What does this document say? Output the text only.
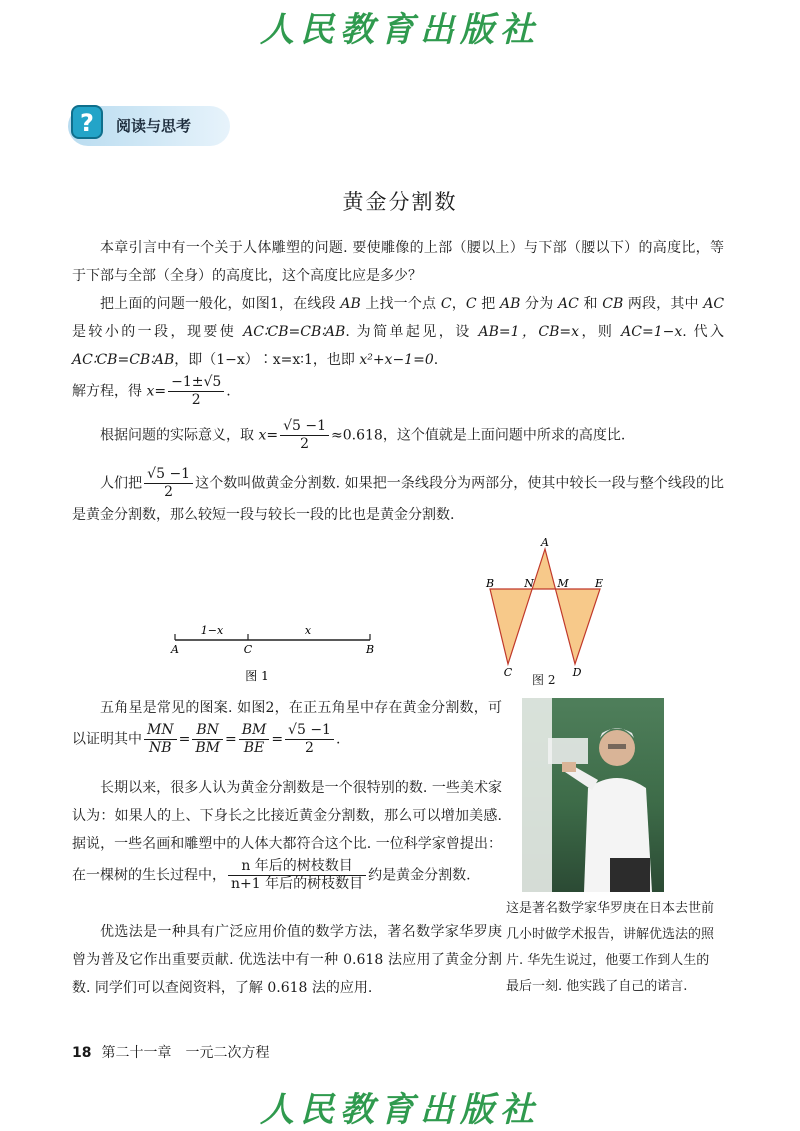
人民教育出版社
? 阅读与思考
黄金分割数

本章引言中有一个关于人体雕塑的问题. 要使雕像的上部（腰以上）与下部（腰以下）的高度比，等于下部与全部（全身）的高度比，这个高度比应是多少？

把上面的问题一般化，如图1，在线段 AB 上找一个点 C，C 把 AB 分为 AC 和 CB 两段，其中 AC 是较小的一段，现要使 AC∶CB=CB∶AB. 为简单起见，设 AB=1，CB=x，则 AC=1−x. 代入 AC∶CB=CB∶AB，即（1−x）∶x=x∶1，也即 x²+x−1=0.

解方程，得 $x= \frac{-1\pm√5}{2}$ .

根据问题的实际意义，取 $x= \frac{√5 -1}{2} \approx 0.618$，这个值就是上面问题中所求的高度比.

人们把 $\frac{√5 -1}{2}$ 这个数叫做黄金分割数. 如果把一条线段分为两部分，使其中较长一段与整个线段的比是黄金分割数，那么较短一段与较长一段的比也是黄金分割数.

1−x	x
A	C	B
图 1
A
B	N M E
C	D
图 2

五角星是常见的图案. 如图2，在正五角星中存在黄金分割数，可以证明其中 $\frac{MN}{NB} = \frac{BN}{BM} = \frac{BM}{BE} = \frac{√5 -1}{2}$ .

长期以来，很多人认为黄金分割数是一个很特别的数. 一些美术家认为：如果人的上、下身长之比接近黄金分割数，那么可以增加美感. 据说，一些名画和雕塑中的人体大都符合这个比. 一位科学家曾提出：在一棵树的生长过程中， $\frac{\text{n 年后的树枝数目}}{\text{n+1 年后的树枝数目}}$ 约是黄金分割数.

优选法是一种具有广泛应用价值的数学方法，著名数学家华罗庚曾为普及它作出重要贡献. 优选法中有一种 0.618 法应用了黄金分割数. 同学们可以查阅资料，了解 0.618 法的应用.

这是著名数学家华罗庚在日本去世前几小时做学术报告，讲解优选法的照片. 华先生说过，他要工作到人生的最后一刻. 他实践了自己的诺言.
18 第二十一章　一元二次方程
人民教育出版社
